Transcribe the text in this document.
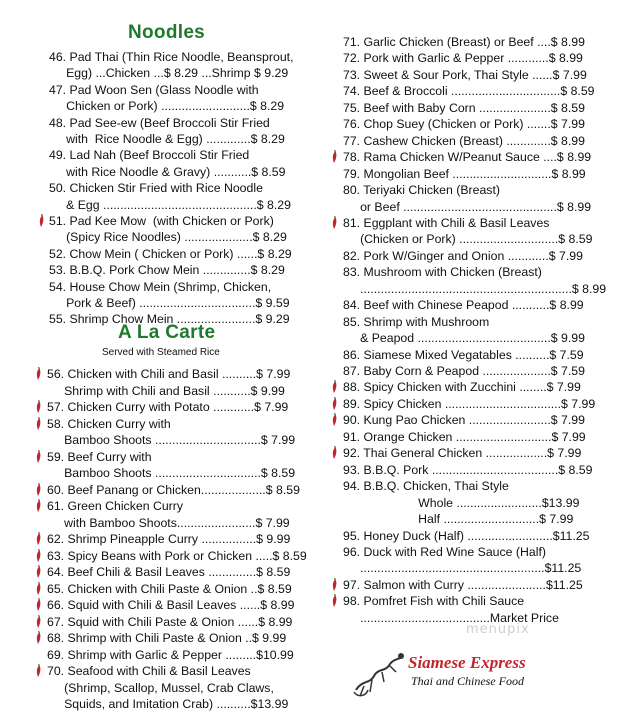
Noodles
46. Pad Thai (Thin Rice Noodle, Beansprout,
Egg) ...Chicken ...$ 8.29 ...Shrimp $ 9.29
47. Pad Woon Sen (Glass Noodle with
Chicken or Pork) ..........................$ 8.29
48. Pad See-ew (Beef Broccoli Stir Fried
with  Rice Noodle & Egg) .............$ 8.29
49. Lad Nah (Beef Broccoli Stir Fried
with Rice Noodle & Gravy) ...........$ 8.59
50. Chicken Stir Fried with Rice Noodle
& Egg .............................................$ 8.29
51. Pad Kee Mow  (with Chicken or Pork)
(Spicy Rice Noodles) ....................$ 8.29
52. Chow Mein ( Chicken or Pork) ......$ 8.29
53. B.B.Q. Pork Chow Mein ..............$ 8.29
54. House Chow Mein (Shrimp, Chicken,
Pork & Beef) ..................................$ 9.59
55. Shrimp Chow Mein .......................$ 9.29
A La Carte
Served with Steamed Rice
56. Chicken with Chili and Basil ..........$ 7.99
Shrimp with Chili and Basil ...........$ 9.99
57. Chicken Curry with Potato ............$ 7.99
58. Chicken Curry with
Bamboo Shoots ...............................$ 7.99
59. Beef Curry with
Bamboo Shoots ...............................$ 8.59
60. Beef Panang or Chicken...................$ 8.59
61. Green Chicken Curry
with Bamboo Shoots.......................$ 7.99
62. Shrimp Pineapple Curry ................$ 9.99
63. Spicy Beans with Pork or Chicken .....$ 8.59
64. Beef Chili & Basil Leaves ..............$ 8.59
65. Chicken with Chili Paste & Onion ..$ 8.59
66. Squid with Chili & Basil Leaves ......$ 8.99
67. Squid with Chili Paste & Onion ......$ 8.99
68. Shrimp with Chili Paste & Onion ..$ 9.99
69. Shrimp with Garlic & Pepper .........$10.99
70. Seafood with Chili & Basil Leaves
(Shrimp, Scallop, Mussel, Crab Claws,
Squids, and Imitation Crab) ..........$13.99
71. Garlic Chicken (Breast) or Beef ....$ 8.99
72. Pork with Garlic & Pepper ............$ 8.99
73. Sweet & Sour Pork, Thai Style ......$ 7.99
74. Beef & Broccoli ................................$ 8.59
75. Beef with Baby Corn .....................$ 8.59
76. Chop Suey (Chicken or Pork) .......$ 7.99
77. Cashew Chicken (Breast) .............$ 8.99
78. Rama Chicken W/Peanut Sauce ....$ 8.99
79. Mongolian Beef .............................$ 8.99
80. Teriyaki Chicken (Breast)
or Beef .............................................$ 8.99
81. Eggplant with Chili & Basil Leaves
(Chicken or Pork) .............................$ 8.59
82. Pork W/Ginger and Onion ............$ 7.99
83. Mushroom with Chicken (Breast)
..............................................................$ 8.99
84. Beef with Chinese Peapod ...........$ 8.99
85. Shrimp with Mushroom
& Peapod .......................................$ 9.99
86. Siamese Mixed Vegatables ..........$ 7.59
87. Baby Corn & Peapod ....................$ 7.59
88. Spicy Chicken with Zucchini ........$ 7.99
89. Spicy Chicken ..................................$ 7.99
90. Kung Pao Chicken ........................$ 7.99
91. Orange Chicken ............................$ 7.99
92. Thai General Chicken ..................$ 7.99
93. B.B.Q. Pork .....................................$ 8.59
94. B.B.Q. Chicken, Thai Style
Whole .........................$13.99
Half ............................$ 7.99
95. Honey Duck (Half) .........................$11.25
96. Duck with Red Wine Sauce (Half)
......................................................$11.25
97. Salmon with Curry .......................$11.25
98. Pomfret Fish with Chili Sauce
......................................Market Price
Siamese Express
Thai and Chinese Food
menupix
